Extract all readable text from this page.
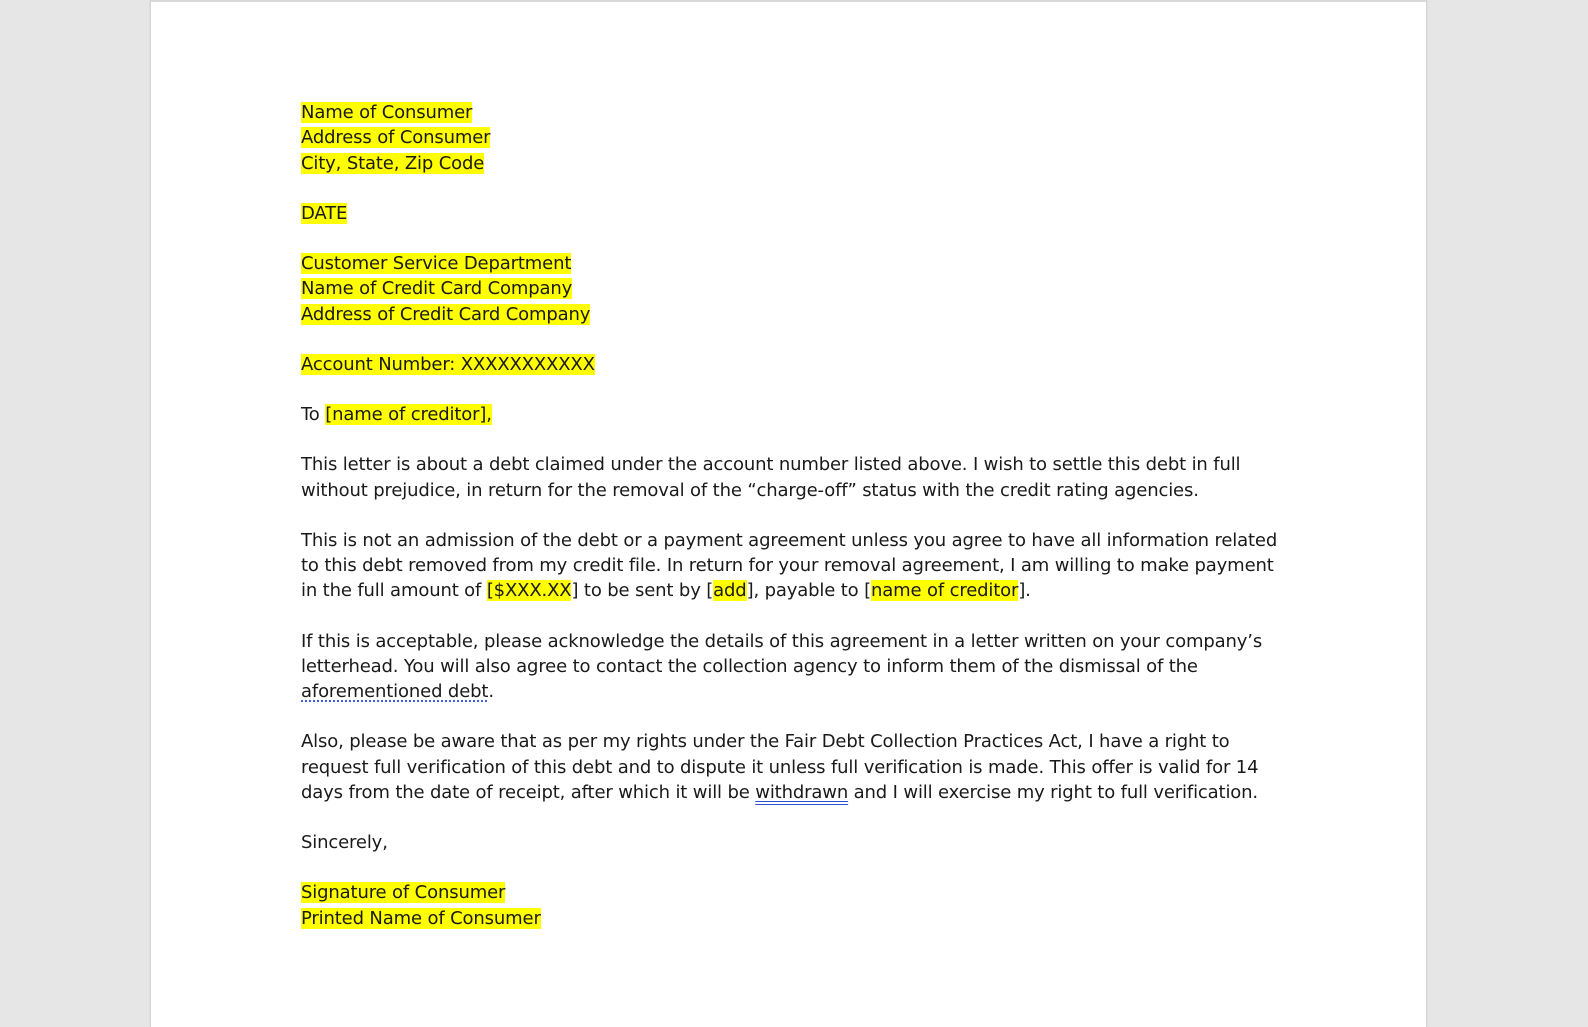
Name of Consumer
Address of Consumer
City, State, Zip Code
DATE
Customer Service Department
Name of Credit Card Company
Address of Credit Card Company
Account Number: XXXXXXXXXXX
To [name of creditor],

This letter is about a debt claimed under the account number listed above. I wish to settle this debt in full without prejudice, in return for the removal of the “charge-off” status with the credit rating agencies.

This is not an admission of the debt or a payment agreement unless you agree to have all information related to this debt removed from my credit file. In return for your removal agreement, I am willing to make payment in the full amount of [$XXX.XX] to be sent by [add], payable to [name of creditor].

If this is acceptable, please acknowledge the details of this agreement in a letter written on your company’s letterhead. You will also agree to contact the collection agency to inform them of the dismissal of the aforementioned debt.

Also, please be aware that as per my rights under the Fair Debt Collection Practices Act, I have a right to request full verification of this debt and to dispute it unless full verification is made. This offer is valid for 14 days from the date of receipt, after which it will be withdrawn and I will exercise my right to full verification.

Sincerely,
Signature of Consumer
Printed Name of Consumer
